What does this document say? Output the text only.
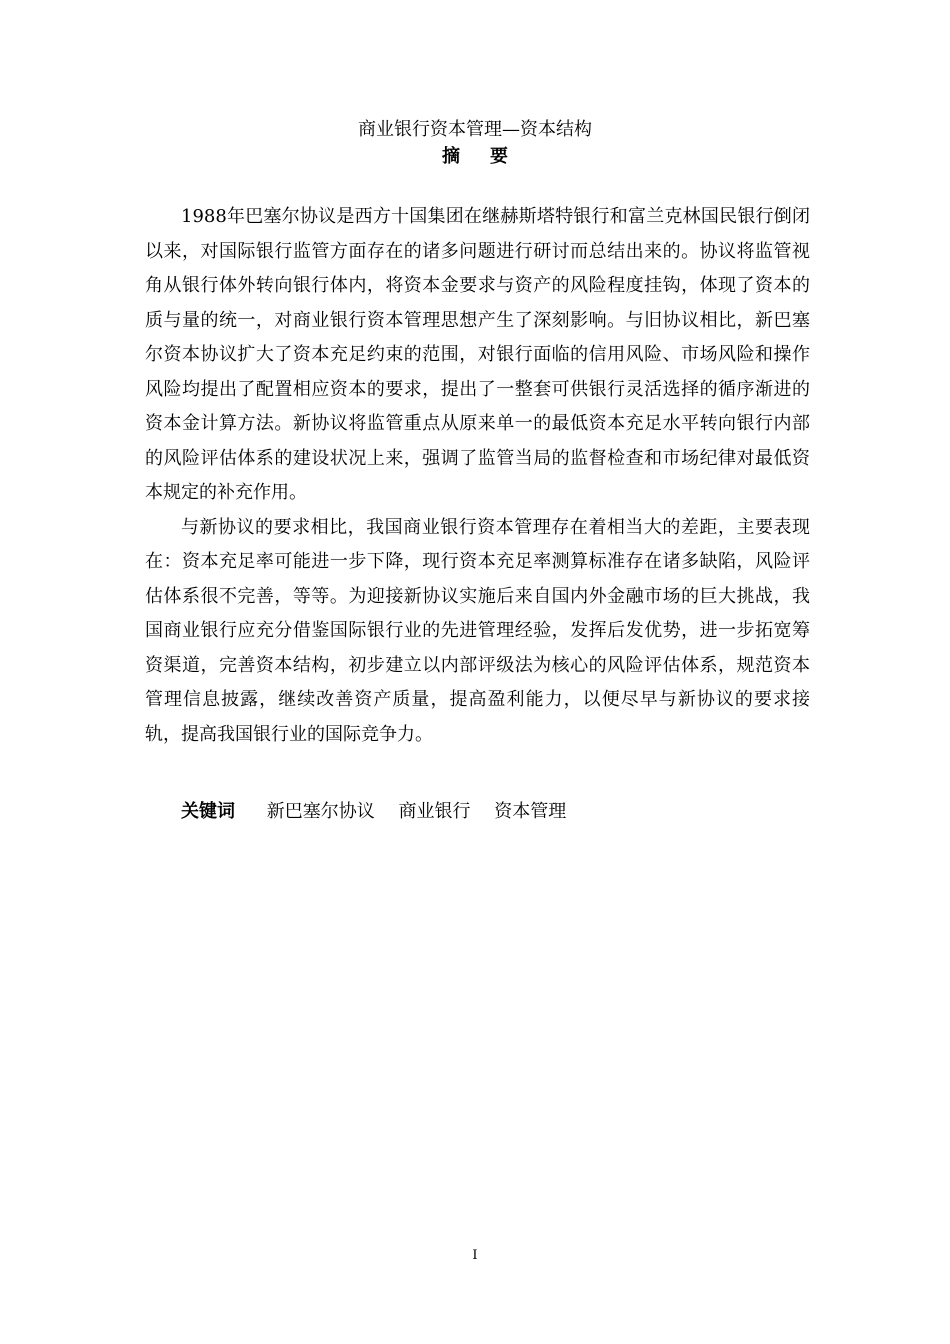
商业银行资本管理—资本结构
摘要

1988年巴塞尔协议是西方十国集团在继赫斯塔特银行和富兰克林国民银行倒闭以来，对国际银行监管方面存在的诸多问题进行研讨而总结出来的。协议将监管视角从银行体外转向银行体内，将资本金要求与资产的风险程度挂钩，体现了资本的质与量的统一，对商业银行资本管理思想产生了深刻影响。与旧协议相比，新巴塞尔资本协议扩大了资本充足约束的范围，对银行面临的信用风险、市场风险和操作风险均提出了配置相应资本的要求，提出了一整套可供银行灵活选择的循序渐进的资本金计算方法。新协议将监管重点从原来单一的最低资本充足水平转向银行内部的风险评估体系的建设状况上来，强调了监管当局的监督检查和市场纪律对最低资本规定的补充作用。

与新协议的要求相比，我国商业银行资本管理存在着相当大的差距，主要表现在：资本充足率可能进一步下降，现行资本充足率测算标准存在诸多缺陷，风险评估体系很不完善，等等。为迎接新协议实施后来自国内外金融市场的巨大挑战，我国商业银行应充分借鉴国际银行业的先进管理经验，发挥后发优势，进一步拓宽筹资渠道，完善资本结构，初步建立以内部评级法为核心的风险评估体系，规范资本管理信息披露，继续改善资产质量，提高盈利能力，以便尽早与新协议的要求接轨，提高我国银行业的国际竞争力。

关键词 新巴塞尔协议 商业银行 资本管理
I
